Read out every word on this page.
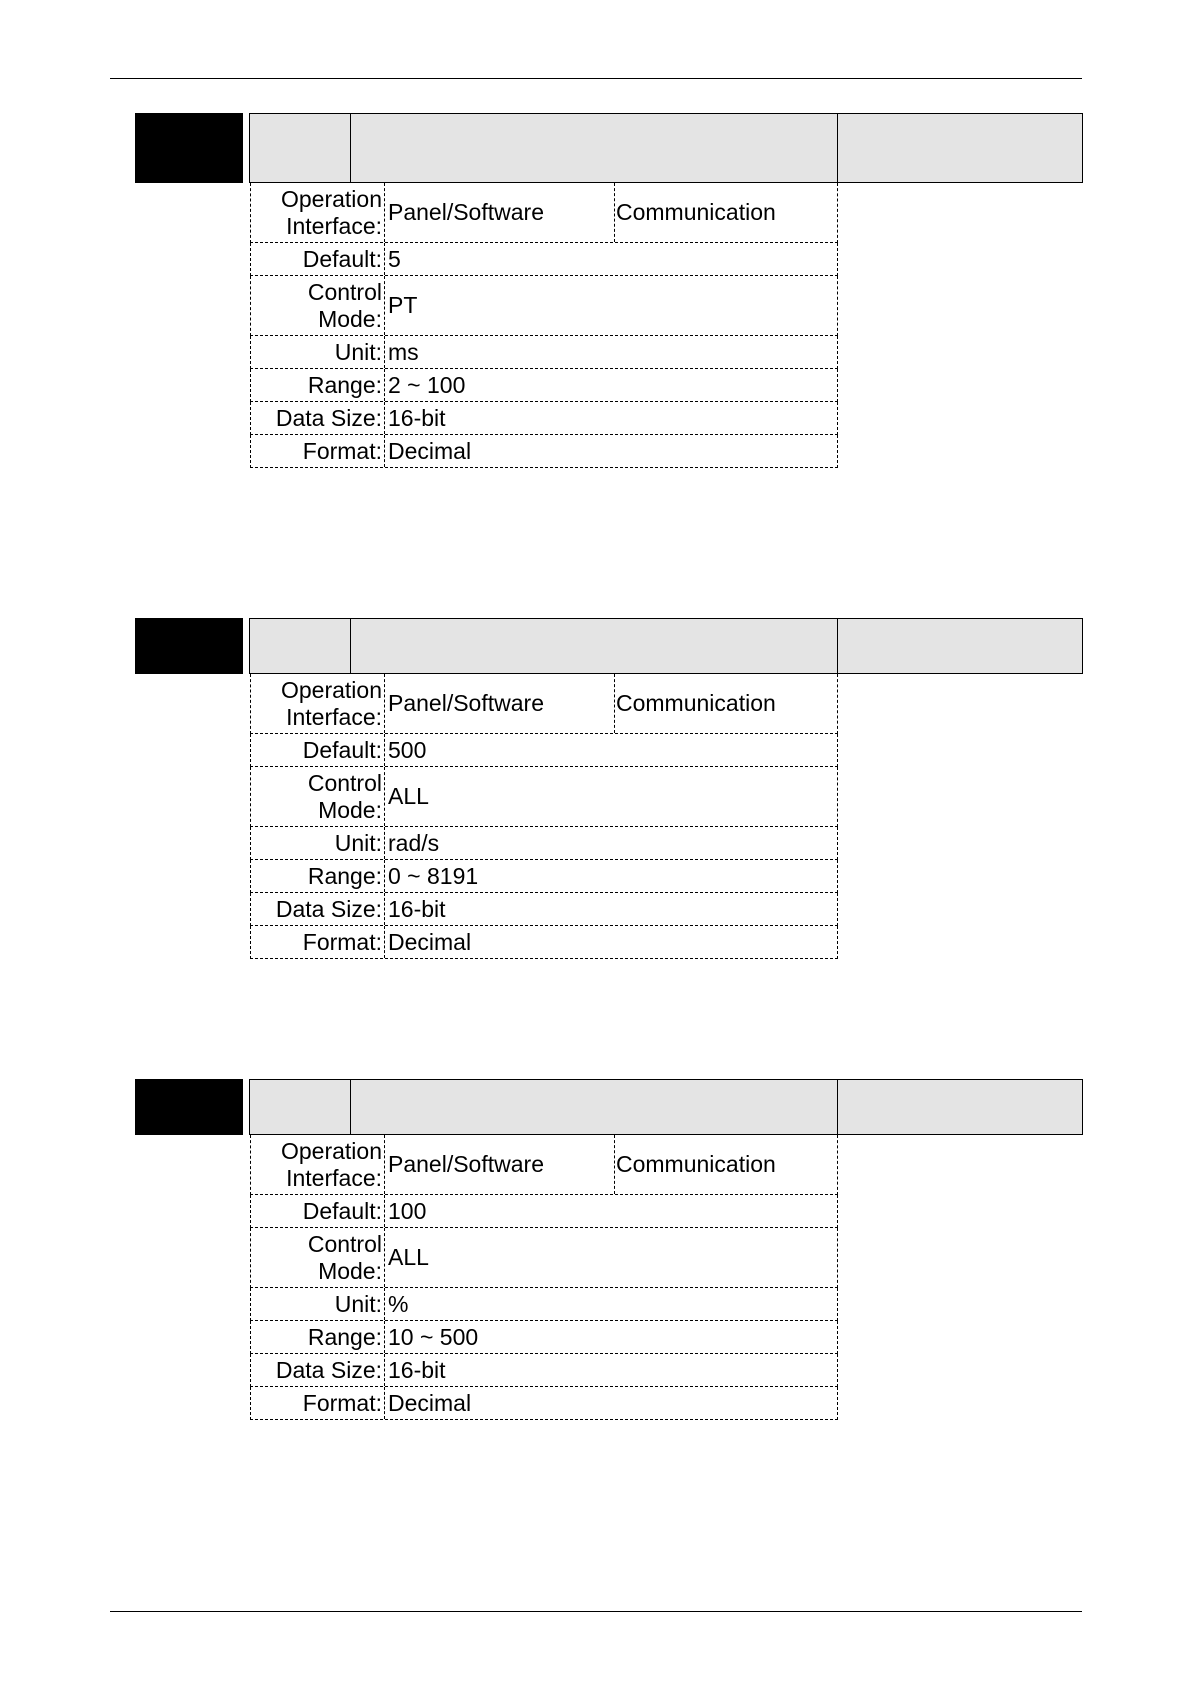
Operation
Interface:
Panel/Software	Communication
Default: 5
Control
Mode:
PT
Unit: ms
Range: 2 ~ 100
Data Size: 16-bit
Format: Decimal
Operation
Interface:
Panel/Software	Communication
Default: 500
Control
Mode:
ALL
Unit: rad/s
Range: 0 ~ 8191
Data Size: 16-bit
Format: Decimal
Operation
Interface:
Panel/Software	Communication
Default: 100
Control
Mode:
ALL
Unit: %
Range: 10 ~ 500
Data Size: 16-bit
Format: Decimal
